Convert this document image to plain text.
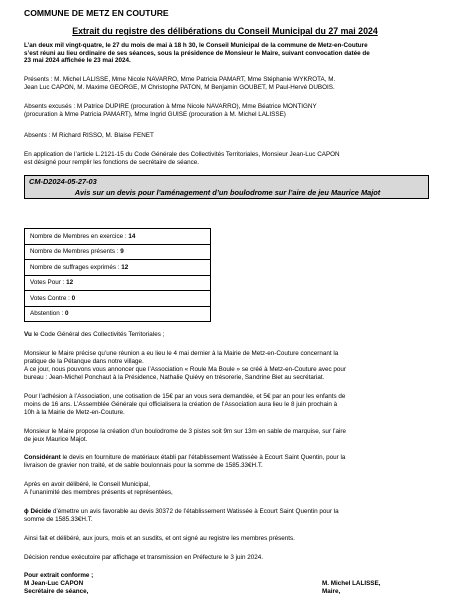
COMMUNE DE METZ EN COUTURE
Extrait du registre des délibérations du Conseil Municipal du 27 mai 2024
L’an deux mil vingt-quatre, le 27 du mois de mai à 18 h 30, le Conseil Municipal de la commune de Metz-en-Couture
s’est réuni au lieu ordinaire de ses séances, sous la présidence de Monsieur le Maire, suivant convocation datée de
23 mai 2024 affichée le 23 mai 2024.
Présents : M. Michel LALISSE, Mme Nicole NAVARRO, Mme Patricia PAMART, Mme Stéphanie WYKROTA, M.
Jean Luc CAPON, M. Maxime GEORGE, M Christophe PATON, M Benjamin GOUBET, M Paul-Hervé DUBOIS.
Absents excusés : M Patrice DUPIRE (procuration à Mme Nicole NAVARRO), Mme Béatrice MONTIGNY
(procuration à Mme Patricia PAMART), Mme Ingrid GUISE (procuration à M. Michel LALISSE)
Absents : M Richard RISSO, M. Blaise FENET
En application de l’article L.2121-15 du Code Générale des Collectivités Territoriales, Monsieur Jean-Luc CAPON
est désigné pour remplir les fonctions de secrétaire de séance.
CM-D2024-05-27-03
Avis sur un devis pour l’aménagement d’un boulodrome sur l’aire de jeu Maurice Majot
Nombre de Membres en exercice : 14
Nombre de Membres présents : 9
Nombre de suffrages exprimés : 12
Votes Pour : 12
Votes Contre : 0
Abstention : 0
Vu le Code Général des Collectivités Territoriales ;
Monsieur le Maire précise qu’une réunion a eu lieu le 4 mai dernier à la Mairie de Metz-en-Couture concernant la
pratique de la Pétanque dans notre village.
A ce jour, nous pouvons vous annoncer que l’Association « Roule Ma Boule » se créé à Metz-en-Couture avec pour
bureau : Jean-Michel Ponchaut à la Présidence, Nathalie Quiévy en trésorerie, Sandrine Biet au secrétariat.
Pour l’adhésion à l’Association, une cotisation de 15€ par an vous sera demandée, et 5€ par an pour les enfants de
moins de 16 ans. L’Assemblée Générale qui officialisera la création de l’Association aura lieu le 8 juin prochain à
10h à la Mairie de Metz-en-Couture.
Monsieur le Maire propose la création d’un boulodrome de 3 pistes soit 9m sur 13m en sable de marquise, sur l’aire
de jeux Maurice Majot.
Considérant le devis en fourniture de matériaux établi par l’établissement Watissée à Ecourt Saint Quentin, pour la
livraison de gravier non traité, et de sable boulonnais pour la somme de 1585.33€H.T.
Après en avoir délibéré, le Conseil Municipal,
A l’unanimité des membres présents et représentées,
ϕ Décide d’émettre un avis favorable au devis 30372 de l’établissement Watissée à Ecourt Saint Quentin pour la
somme de 1585.33€H.T.
Ainsi fait et délibéré, aux jours, mois et an susdits, et ont signé au registre les membres présents.
Décision rendue exécutoire par affichage et transmission en Préfecture le 3 juin 2024.
Pour extrait conforme ;
M Jean-Luc CAPON
Secrétaire de séance,
M. Michel LALISSE,
Maire,
